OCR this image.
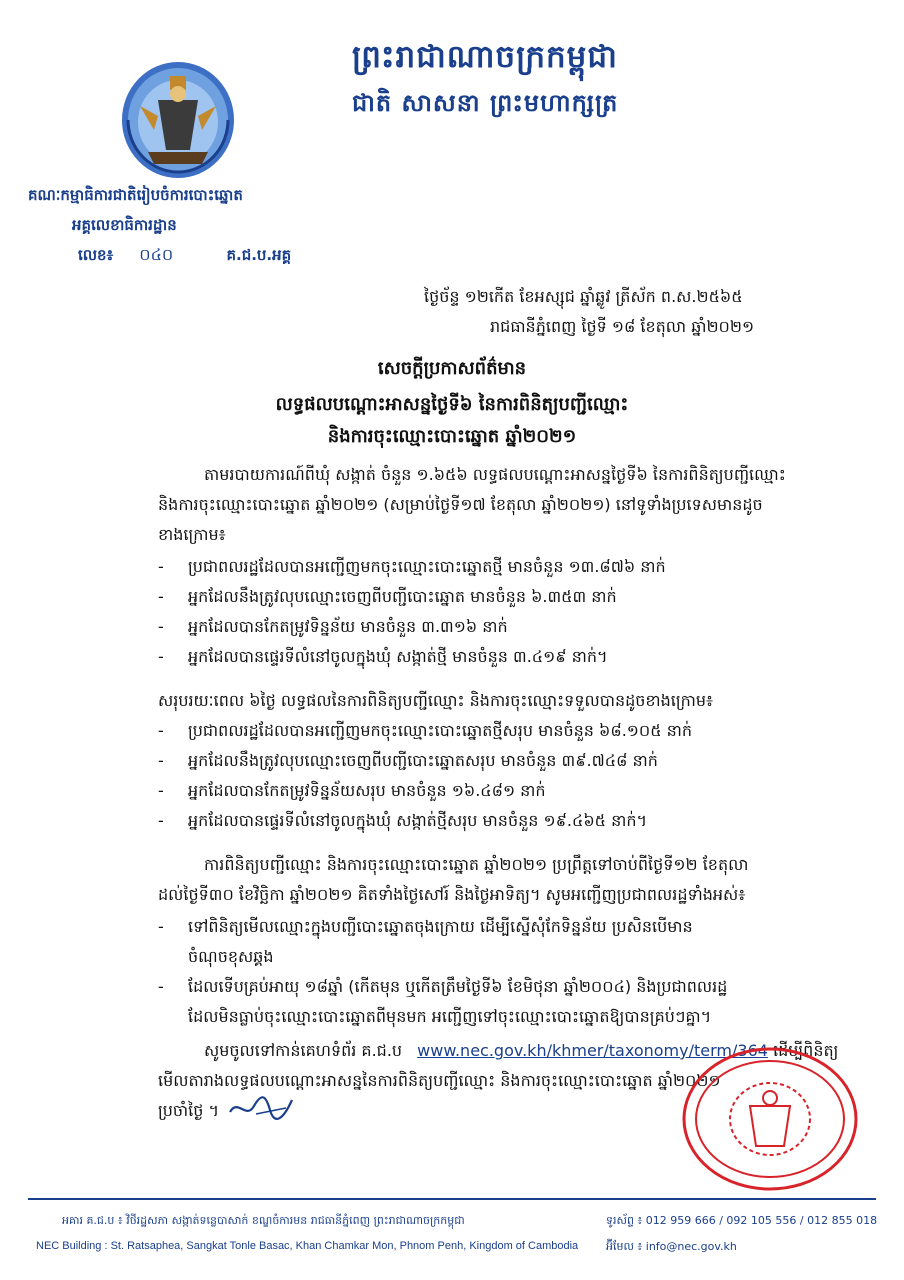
ព្រះរាជាណាចក្រកម្ពុជា
ជាតិ សាសនា ព្រះមហាក្សត្រ
គណៈកម្មាធិការជាតិរៀបចំការបោះឆ្នោត
អគ្គលេខាធិការដ្ឋាន
លេខ៖ ០៤០	គ.ជ.ប.អគ្គ
ថ្ងៃច័ន្ទ ១២កើត ខែអស្សុជ ឆ្នាំឆ្លូវ ត្រីស័ក ព.ស.២៥៦៥
រាជធានីភ្នំពេញ ថ្ងៃទី ១៨ ខែតុលា ឆ្នាំ២០២១
សេចក្តីប្រកាសព័ត៌មាន
លទ្ធផលបណ្តោះអាសន្នថ្ងៃទី៦ នៃការពិនិត្យបញ្ជីឈ្មោះ
និងការចុះឈ្មោះបោះឆ្នោត ឆ្នាំ២០២១
តាមរបាយការណ៍ពីឃុំ សង្កាត់ ចំនួន ១.៦៥៦ លទ្ធផលបណ្តោះអាសន្នថ្ងៃទី៦ នៃការពិនិត្យបញ្ជីឈ្មោះ
និងការចុះឈ្មោះបោះឆ្នោត ឆ្នាំ២០២១ (សម្រាប់ថ្ងៃទី១៧ ខែតុលា ឆ្នាំ២០២១) នៅទូទាំងប្រទេសមានដូច
ខាងក្រោម៖
- ប្រជាពលរដ្ឋដែលបានអញ្ជើញមកចុះឈ្មោះបោះឆ្នោតថ្មី មានចំនួន ១៣.៨៧៦ នាក់
- អ្នកដែលនឹងត្រូវលុបឈ្មោះចេញពីបញ្ជីបោះឆ្នោត មានចំនួន ៦.៣៥៣ នាក់
- អ្នកដែលបានកែតម្រូវទិន្នន័យ មានចំនួន ៣.៣១៦ នាក់
- អ្នកដែលបានផ្ទេរទីលំនៅចូលក្នុងឃុំ សង្កាត់ថ្មី មានចំនួន ៣.៤១៩ នាក់។
សរុបរយៈពេល ៦ថ្ងៃ លទ្ធផលនៃការពិនិត្យបញ្ជីឈ្មោះ និងការចុះឈ្មោះទទួលបានដូចខាងក្រោម៖
- ប្រជាពលរដ្ឋដែលបានអញ្ជើញមកចុះឈ្មោះបោះឆ្នោតថ្មីសរុប មានចំនួន ៦៨.១០៥ នាក់
- អ្នកដែលនឹងត្រូវលុបឈ្មោះចេញពីបញ្ជីបោះឆ្នោតសរុប មានចំនួន ៣៩.៧៤៨ នាក់
- អ្នកដែលបានកែតម្រូវទិន្នន័យសរុប មានចំនួន ១៦.៤៨១ នាក់
- អ្នកដែលបានផ្ទេរទីលំនៅចូលក្នុងឃុំ សង្កាត់ថ្មីសរុប មានចំនួន ១៩.៤៦៥ នាក់។
ការពិនិត្យបញ្ជីឈ្មោះ និងការចុះឈ្មោះបោះឆ្នោត ឆ្នាំ២០២១ ប្រព្រឹត្តទៅចាប់ពីថ្ងៃទី១២ ខែតុលា
ដល់ថ្ងៃទី៣០ ខែវិច្ឆិកា ឆ្នាំ២០២១ គិតទាំងថ្ងៃសៅរ៍ និងថ្ងៃអាទិត្យ។ សូមអញ្ជើញប្រជាពលរដ្ឋទាំងអស់៖
- ទៅពិនិត្យមើលឈ្មោះក្នុងបញ្ជីបោះឆ្នោតចុងក្រោយ ដើម្បីស្នើសុំកែទិន្នន័យ ប្រសិនបើមាន
ចំណុចខុសឆ្គង
- ដែលទើបគ្រប់អាយុ ១៨ឆ្នាំ (កើតមុន ឬកើតត្រឹមថ្ងៃទី៦ ខែមិថុនា ឆ្នាំ២០០៤) និងប្រជាពលរដ្ឋ
ដែលមិនធ្លាប់ចុះឈ្មោះបោះឆ្នោតពីមុនមក អញ្ជើញទៅចុះឈ្មោះបោះឆ្នោតឱ្យបានគ្រប់ៗគ្នា។
សូមចូលទៅកាន់គេហទំព័រ គ.ជ.ប www.nec.gov.kh/khmer/taxonomy/term/364 ដើម្បីពិនិត្យ
មើលតារាងលទ្ធផលបណ្តោះអាសន្ននៃការពិនិត្យបញ្ជីឈ្មោះ និងការចុះឈ្មោះបោះឆ្នោត ឆ្នាំ២០២១
ប្រចាំថ្ងៃ ។
អគារ គ.ជ.ប ៖ វិថីរដ្ឋសភា សង្កាត់ទន្លេបាសាក់ ខណ្ឌចំការមន រាជធានីភ្នំពេញ ព្រះរាជាណាចក្រកម្ពុជា
NEC Building : St. Ratsaphea, Sangkat Tonle Basac, Khan Chamkar Mon, Phnom Penh, Kingdom of Cambodia
ទូរស័ព្ទ ៖ 012 959 666 / 092 105 556 / 012 855 018
អ៊ីមែល ៖ info@nec.gov.kh
